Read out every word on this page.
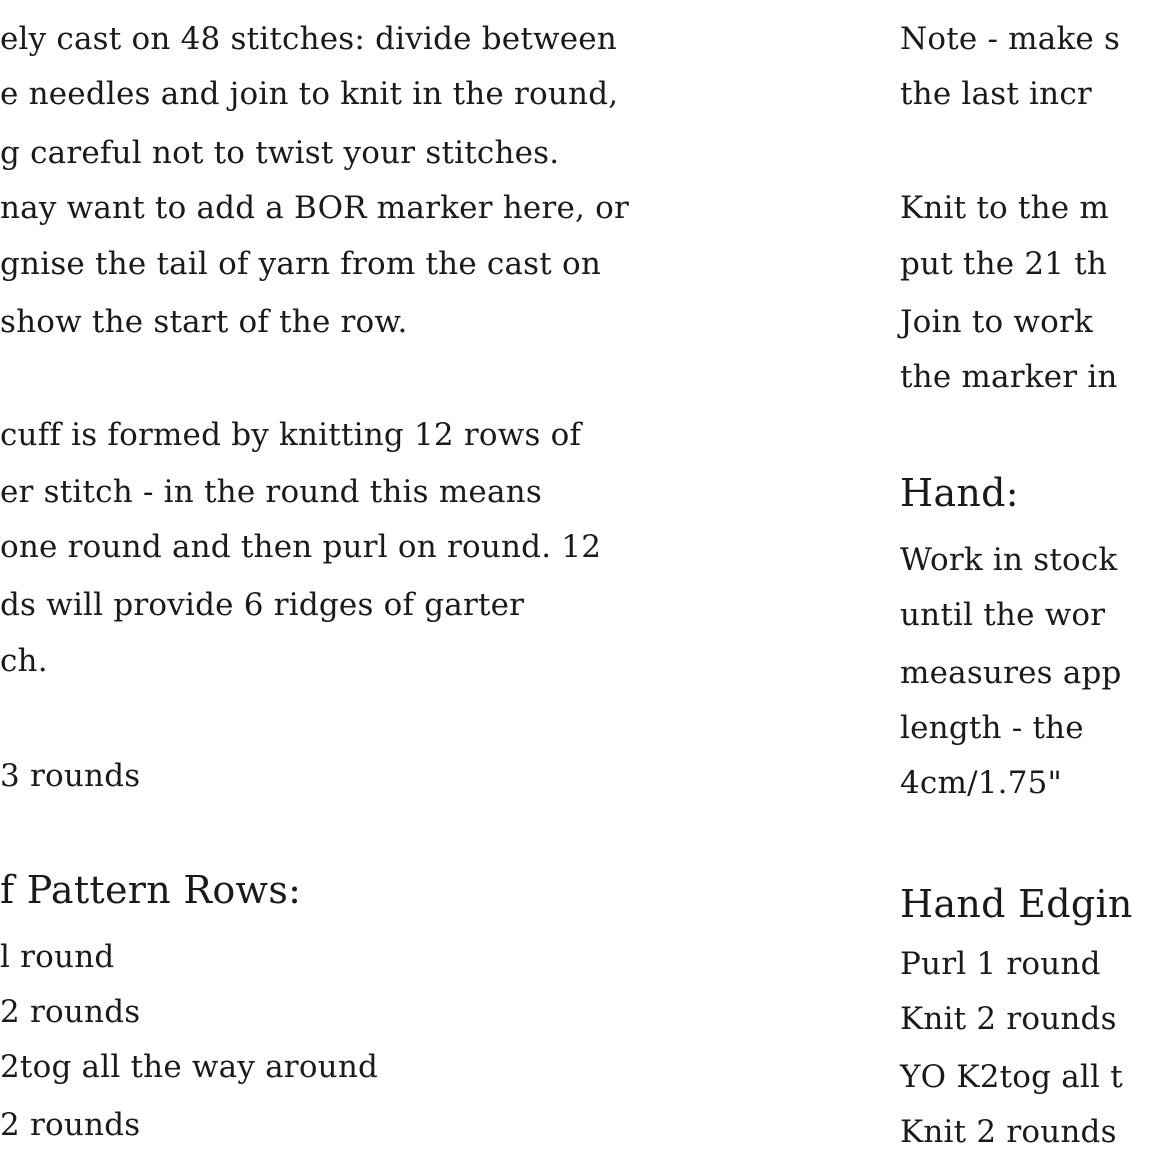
ely cast on 48 stitches: divide between
e needles and join to knit in the round,
g careful not to twist your stitches.
nay want to add a BOR marker here, or
gnise the tail of yarn from the cast on
show the start of the row.
cuff is formed by knitting 12 rows of
er stitch - in the round this means
one round and then purl on round. 12
ds will provide 6 ridges of garter
ch.
3 rounds
f Pattern Rows:
l round
2 rounds
2tog all the way around
2 rounds
Note - make s
the last incr
Knit to the m
put the 21 th
Join to work
the marker in
Hand:
Work in stock
until the wor
measures app
length - the
4cm/1.75"
Hand Edgin
Purl 1 round
Knit 2 rounds
YO K2tog all t
Knit 2 rounds
